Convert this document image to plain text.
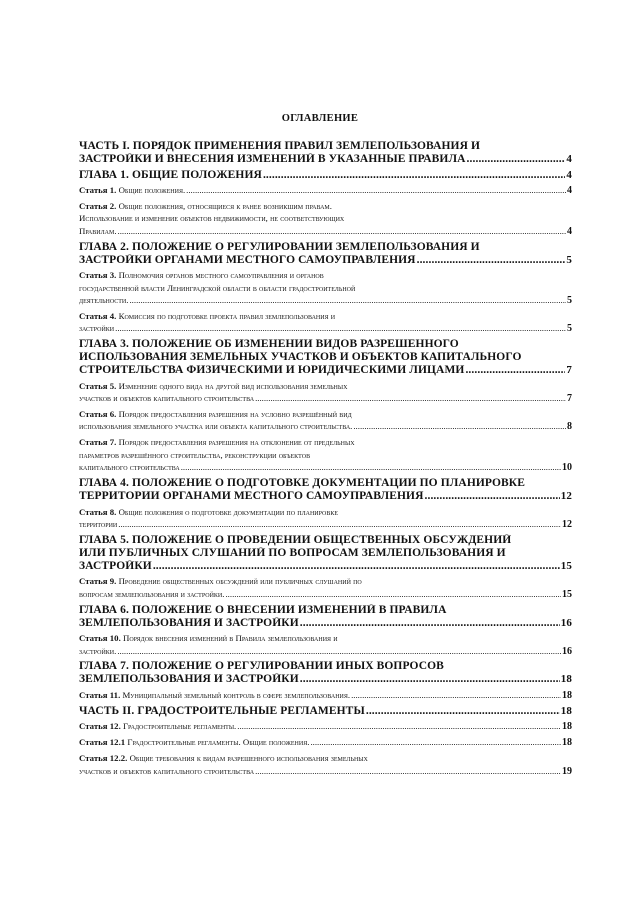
ОГЛАВЛЕНИЕ
ЧАСТЬ I. ПОРЯДОК ПРИМЕНЕНИЯ ПРАВИЛ ЗЕМЛЕПОЛЬЗОВАНИЯ И
ЗАСТРОЙКИ И ВНЕСЕНИЯ ИЗМЕНЕНИЙ В УКАЗАННЫЕ ПРАВИЛА .....	4
ГЛАВА 1. ОБЩИЕ ПОЛОЖЕНИЯ .....	4
Статья 1. Общие положения. .....	4
Статья 2. Общие положения, относящиеся к ранее возникшим правам.
Использование и изменение объектов недвижимости, не соответствующих
Правилам. .....	4
ГЛАВА 2. ПОЛОЖЕНИЕ О РЕГУЛИРОВАНИИ ЗЕМЛЕПОЛЬЗОВАНИЯ И
ЗАСТРОЙКИ ОРГАНАМИ МЕСТНОГО САМОУПРАВЛЕНИЯ .....	5
Статья 3. Полномочия органов местного самоуправления и органов
государственной власти Ленинградской области в области градостроительной
деятельности. .....	5
Статья 4. Комиссия по подготовке проекта правил землепользования и
застройки .....	5
ГЛАВА 3. ПОЛОЖЕНИЕ ОБ ИЗМЕНЕНИИ ВИДОВ РАЗРЕШЕННОГО
ИСПОЛЬЗОВАНИЯ ЗЕМЕЛЬНЫХ УЧАСТКОВ И ОБЪЕКТОВ КАПИТАЛЬНОГО
СТРОИТЕЛЬСТВА ФИЗИЧЕСКИМИ И ЮРИДИЧЕСКИМИ ЛИЦАМИ .....	7
Статья 5. Изменение одного вида на другой вид использования земельных
участков и объектов капитального строительства .....	7
Статья 6. Порядок предоставления разрешения на условно разрешённый вид
использования земельного участка или объекта капитального строительства. .....	8
Статья 7. Порядок предоставления разрешения на отклонение от предельных
параметров разрешённого строительства, реконструкции объектов
капитального строительства .....	10
ГЛАВА 4. ПОЛОЖЕНИЕ О ПОДГОТОВКЕ ДОКУМЕНТАЦИИ ПО ПЛАНИРОВКЕ
ТЕРРИТОРИИ ОРГАНАМИ МЕСТНОГО САМОУПРАВЛЕНИЯ .....	12
Статья 8. Общие положения о подготовке документации по планировке
территории .....	12
ГЛАВА 5. ПОЛОЖЕНИЕ О ПРОВЕДЕНИИ ОБЩЕСТВЕННЫХ ОБСУЖДЕНИЙ
ИЛИ ПУБЛИЧНЫХ СЛУШАНИЙ ПО ВОПРОСАМ ЗЕМЛЕПОЛЬЗОВАНИЯ И
ЗАСТРОЙКИ .....	15
Статья 9. Проведение общественных обсуждений или публичных слушаний по
вопросам землепользования и застройки. .....	15
ГЛАВА 6. ПОЛОЖЕНИЕ О ВНЕСЕНИИ ИЗМЕНЕНИЙ В ПРАВИЛА
ЗЕМЛЕПОЛЬЗОВАНИЯ И ЗАСТРОЙКИ .....	16
Статья 10. Порядок внесения изменений в Правила землепользования и
застройки. .....	16
ГЛАВА 7. ПОЛОЖЕНИЕ О РЕГУЛИРОВАНИИ ИНЫХ ВОПРОСОВ
ЗЕМЛЕПОЛЬЗОВАНИЯ И ЗАСТРОЙКИ .....	18
Статья 11. Муниципальный земельный контроль в сфере землепользования. .....	18
ЧАСТЬ II. ГРАДОСТРОИТЕЛЬНЫЕ РЕГЛАМЕНТЫ .....	18
Статья 12. Градостроительные регламенты. .....	18
Статья 12.1 Градостроительные регламенты. Общие положения. .....	18
Статья 12.2. Общие требования к видам разрешенного использования земельных
участков и объектов капитального строительства .....	19
